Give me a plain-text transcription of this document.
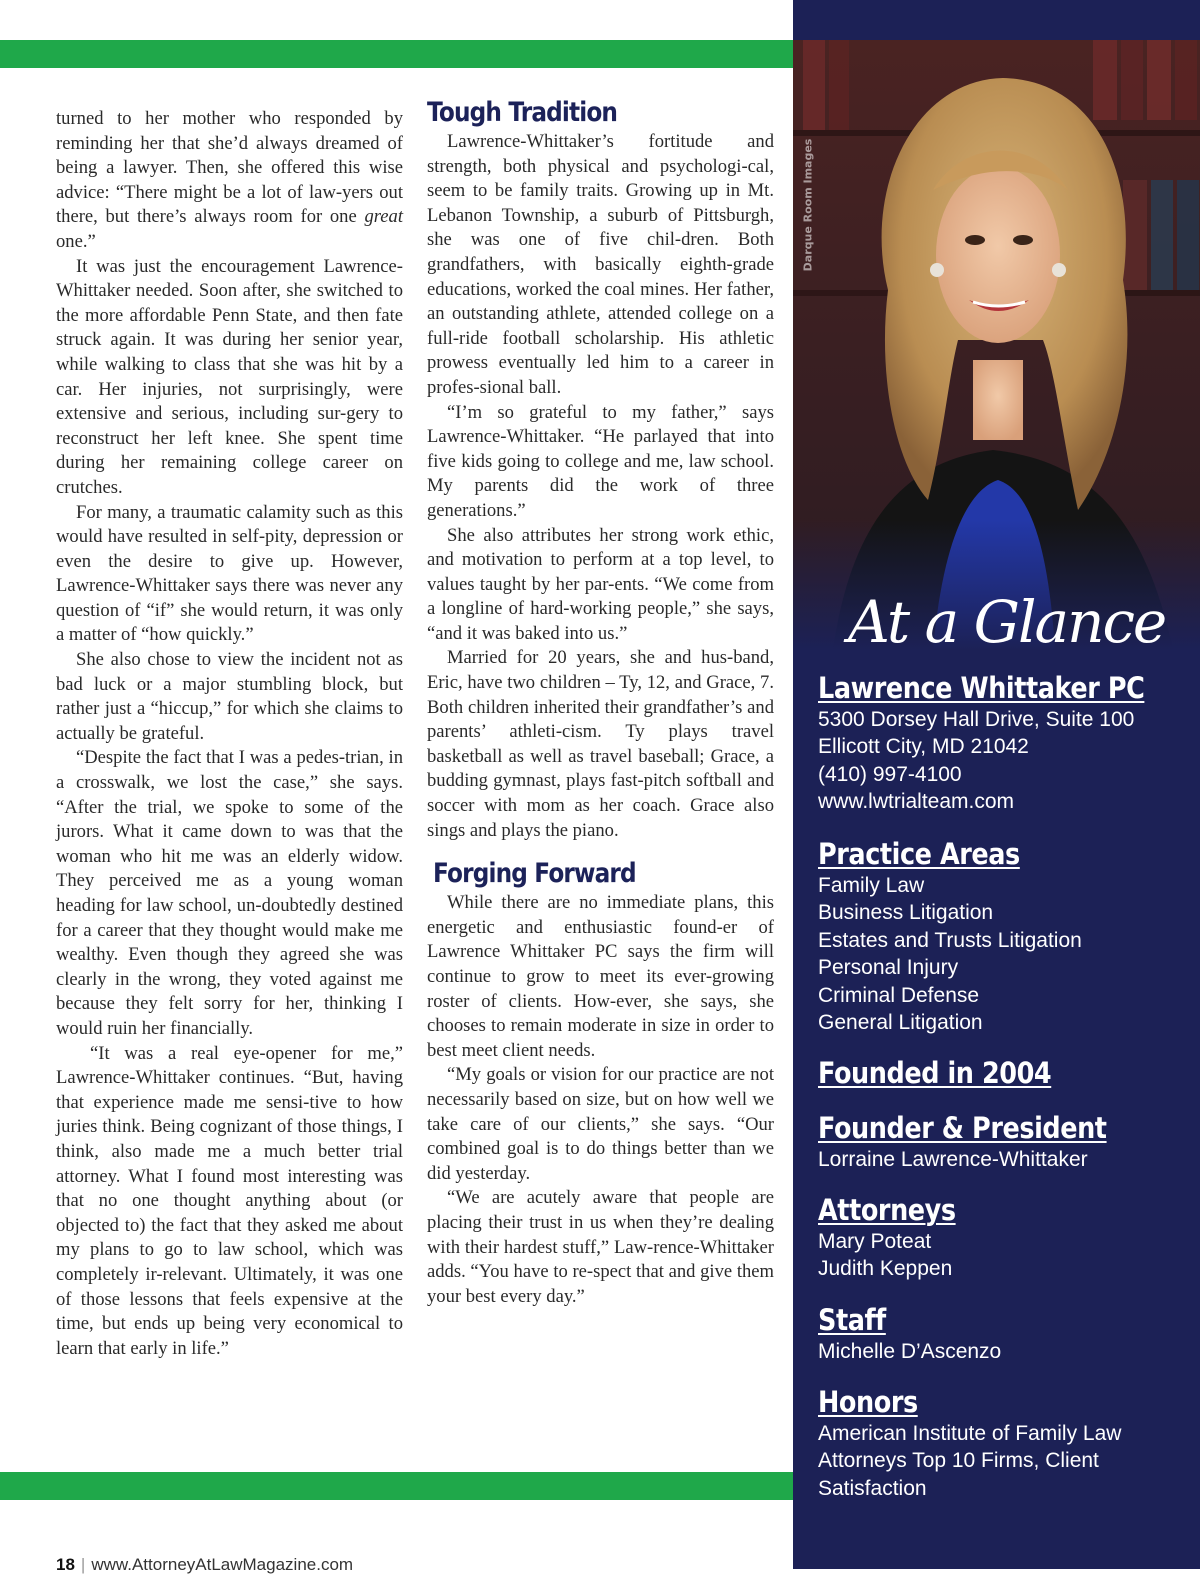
turned to her mother who responded by reminding her that she’d always dreamed of being a lawyer. Then, she offered this wise advice: “There might be a lot of law-yers out there, but there’s always room for one great one.”

It was just the encouragement Lawrence-Whittaker needed. Soon after, she switched to the more affordable Penn State, and then fate struck again. It was during her senior year, while walking to class that she was hit by a car. Her injuries, not surprisingly, were extensive and serious, including sur-gery to reconstruct her left knee. She spent time during her remaining college career on crutches.

For many, a traumatic calamity such as this would have resulted in self-pity, depression or even the desire to give up. However, Lawrence-Whittaker says there was never any question of “if” she would return, it was only a matter of “how quickly.”

She also chose to view the incident not as bad luck or a major stumbling block, but rather just a “hiccup,” for which she claims to actually be grateful.

“Despite the fact that I was a pedes-trian, in a crosswalk, we lost the case,” she says. “After the trial, we spoke to some of the jurors. What it came down to was that the woman who hit me was an elderly widow. They perceived me as a young woman heading for law school, un-doubtedly destined for a career that they thought would make me wealthy. Even though they agreed she was clearly in the wrong, they voted against me because they felt sorry for her, thinking I would ruin her financially.

“It was a real eye-opener for me,” Lawrence-Whittaker continues. “But, having that experience made me sensi-tive to how juries think. Being cognizant of those things, I think, also made me a much better trial attorney. What I found most interesting was that no one thought anything about (or objected to) the fact that they asked me about my plans to go to law school, which was completely ir-relevant. Ultimately, it was one of those lessons that feels expensive at the time, but ends up being very economical to learn that early in life.”

Tough Tradition

Lawrence-Whittaker’s fortitude and strength, both physical and psychologi-cal, seem to be family traits. Growing up in Mt. Lebanon Township, a suburb of Pittsburgh, she was one of five chil-dren. Both grandfathers, with basically eighth-grade educations, worked the coal mines. Her father, an outstanding athlete, attended college on a full-ride football scholarship. His athletic prowess eventually led him to a career in profes-sional ball.

“I’m so grateful to my father,” says Lawrence-Whittaker. “He parlayed that into five kids going to college and me, law school. My parents did the work of three generations.”

She also attributes her strong work ethic, and motivation to perform at a top level, to values taught by her par-ents. “We come from a longline of hard-working people,” she says, “and it was baked into us.”

Married for 20 years, she and hus-band, Eric, have two children – Ty, 12, and Grace, 7. Both children inherited their grandfather’s and parents’ athleti-cism. Ty plays travel basketball as well as travel baseball; Grace, a budding gymnast, plays fast-pitch softball and soccer with mom as her coach. Grace also sings and plays the piano.

Forging Forward

While there are no immediate plans, this energetic and enthusiastic found-er of Lawrence Whittaker PC says the firm will continue to grow to meet its ever-growing roster of clients. How-ever, she says, she chooses to remain moderate in size in order to best meet client needs.

“My goals or vision for our practice are not necessarily based on size, but on how well we take care of our clients,” she says. “Our combined goal is to do things better than we did yesterday.

“We are acutely aware that people are placing their trust in us when they’re dealing with their hardest stuff,” Law-rence-Whittaker adds. “You have to re-spect that and give them your best every day.”

Darque Room Images
At a Glance
Lawrence Whittaker PC
5300 Dorsey Hall Drive, Suite 100
Ellicott City, MD 21042
(410) 997-4100
www.lwtrialteam.com
Practice Areas
Family Law
Business Litigation
Estates and Trusts Litigation
Personal Injury
Criminal Defense
General Litigation
Founded in 2004
Founder & President
Lorraine Lawrence-Whittaker
Attorneys
Mary Poteat
Judith Keppen
Staff
Michelle D’Ascenzo
Honors
American Institute of Family Law
Attorneys Top 10 Firms, Client
Satisfaction
18 | www.AttorneyAtLawMagazine.com
